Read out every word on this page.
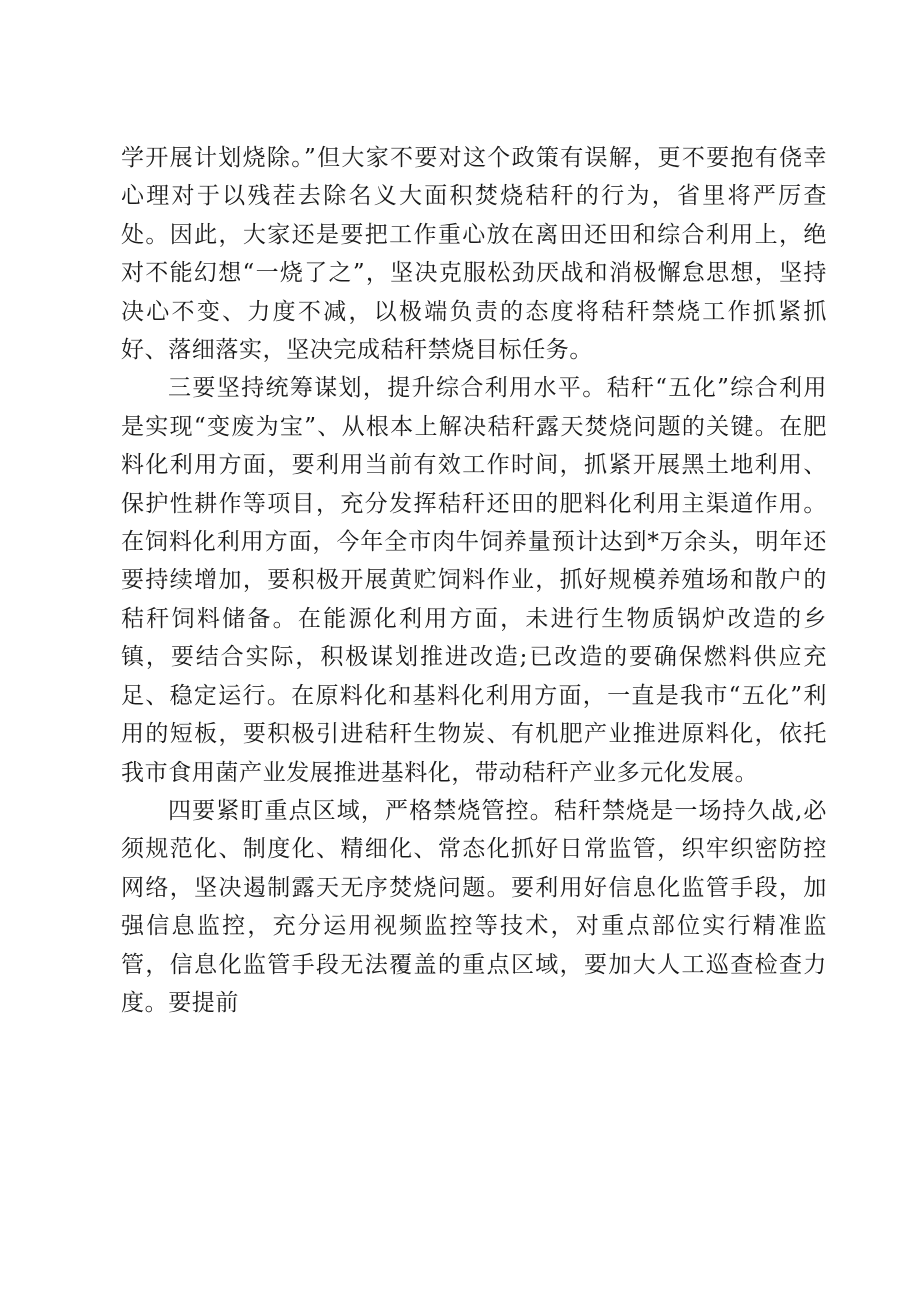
学开展计划烧除。”但大家不要对这个政策有误解，更不要抱有侥幸心理对于以残茬去除名义大面积焚烧秸秆的行为，省里将严厉查处。因此，大家还是要把工作重心放在离田还田和综合利用上，绝对不能幻想“一烧了之”，坚决克服松劲厌战和消极懈怠思想，坚持决心不变、力度不减，以极端负责的态度将秸秆禁烧工作抓紧抓好、落细落实，坚决完成秸秆禁烧目标任务。

三要坚持统筹谋划，提升综合利用水平。秸秆“五化”综合利用是实现“变废为宝”、从根本上解决秸秆露天焚烧问题的关键。在肥料化利用方面，要利用当前有效工作时间，抓紧开展黑土地利用、保护性耕作等项目，充分发挥秸秆还田的肥料化利用主渠道作用。在饲料化利用方面，今年全市肉牛饲养量预计达到*万余头，明年还要持续增加，要积极开展黄贮饲料作业，抓好规模养殖场和散户的秸秆饲料储备。在能源化利用方面，未进行生物质锅炉改造的乡镇，要结合实际，积极谋划推进改造;已改造的要确保燃料供应充足、稳定运行。在原料化和基料化利用方面，一直是我市“五化”利用的短板，要积极引进秸秆生物炭、有机肥产业推进原料化，依托我市食用菌产业发展推进基料化，带动秸秆产业多元化发展。

四要紧盯重点区域，严格禁烧管控。秸秆禁烧是一场持久战,必须规范化、制度化、精细化、常态化抓好日常监管，织牢织密防控网络，坚决遏制露天无序焚烧问题。要利用好信息化监管手段，加强信息监控，充分运用视频监控等技术，对重点部位实行精准监管，信息化监管手段无法覆盖的重点区域，要加大人工巡查检查力度。要提前
